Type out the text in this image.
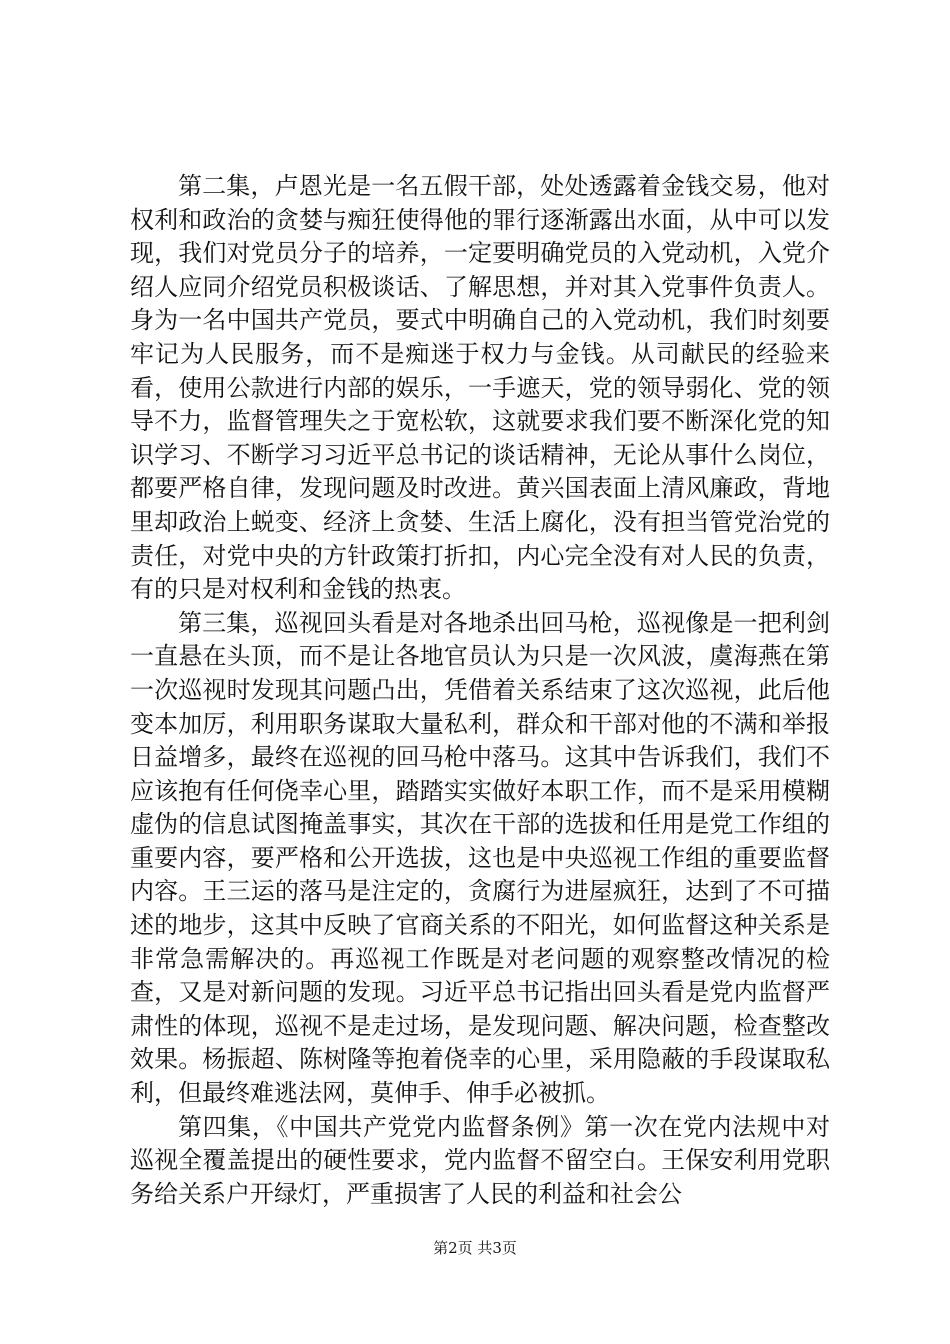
第二集，卢恩光是一名五假干部，处处透露着金钱交易，他对权利和政治的贪婪与痴狂使得他的罪行逐渐露出水面，从中可以发现，我们对党员分子的培养，一定要明确党员的入党动机，入党介绍人应同介绍党员积极谈话、了解思想，并对其入党事件负责人。身为一名中国共产党员，要式中明确自己的入党动机，我们时刻要牢记为人民服务，而不是痴迷于权力与金钱。从司献民的经验来看，使用公款进行内部的娱乐，一手遮天，党的领导弱化、党的领导不力，监督管理失之于宽松软，这就要求我们要不断深化党的知识学习、不断学习习近平总书记的谈话精神，无论从事什么岗位，都要严格自律，发现问题及时改进。黄兴国表面上清风廉政，背地里却政治上蜕变、经济上贪婪、生活上腐化，没有担当管党治党的责任，对党中央的方针政策打折扣，内心完全没有对人民的负责，有的只是对权利和金钱的热衷。

第三集，巡视回头看是对各地杀出回马枪，巡视像是一把利剑一直悬在头顶，而不是让各地官员认为只是一次风波，虞海燕在第一次巡视时发现其问题凸出，凭借着关系结束了这次巡视，此后他变本加厉，利用职务谋取大量私利，群众和干部对他的不满和举报日益增多，最终在巡视的回马枪中落马。这其中告诉我们，我们不应该抱有任何侥幸心里，踏踏实实做好本职工作，而不是采用模糊虚伪的信息试图掩盖事实，其次在干部的选拔和任用是党工作组的重要内容，要严格和公开选拔，这也是中央巡视工作组的重要监督内容。王三运的落马是注定的，贪腐行为进屋疯狂，达到了不可描述的地步，这其中反映了官商关系的不阳光，如何监督这种关系是非常急需解决的。再巡视工作既是对老问题的观察整改情况的检查，又是对新问题的发现。习近平总书记指出回头看是党内监督严肃性的体现，巡视不是走过场，是发现问题、解决问题，检查整改效果。杨振超、陈树隆等抱着侥幸的心里，采用隐蔽的手段谋取私利，但最终难逃法网，莫伸手、伸手必被抓。

第四集，《中国共产党党内监督条例》第一次在党内法规中对巡视全覆盖提出的硬性要求，党内监督不留空白。王保安利用党职务给关系户开绿灯，严重损害了人民的利益和社会公

第2页 共3页
